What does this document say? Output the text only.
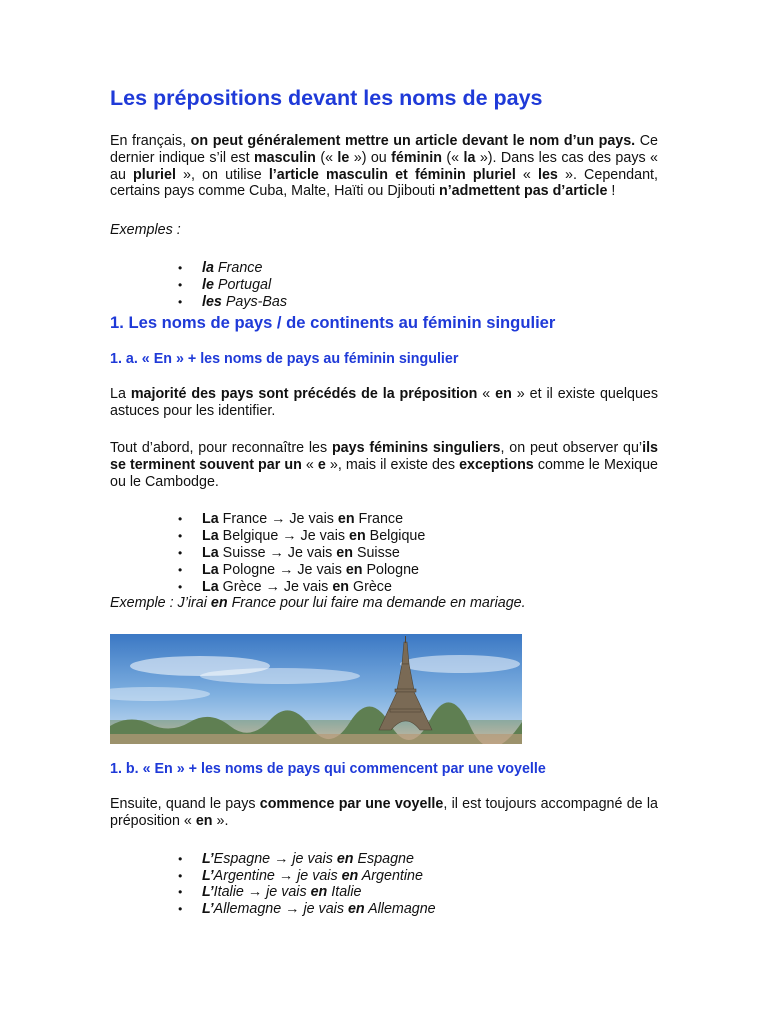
Les prépositions devant les noms de pays

En français, on peut généralement mettre un article devant le nom d’un pays. Ce dernier indique s’il est masculin (« le ») ou féminin (« la »). Dans les cas des pays « au pluriel », on utilise l’article masculin et féminin pluriel « les ». Cependant, certains pays comme Cuba, Malte, Haïti ou Djibouti n’admettent pas d’article !

Exemples :

• la France
• le Portugal
• les Pays-Bas
1. Les noms de pays / de continents au féminin singulier
1. a. « En » + les noms de pays au féminin singulier

La majorité des pays sont précédés de la préposition « en » et il existe quelques astuces pour les identifier.

Tout d’abord, pour reconnaître les pays féminins singuliers, on peut observer qu’ils se terminent souvent par un « e », mais il existe des exceptions comme le Mexique ou le Cambodge.

• La France → Je vais en France
• La Belgique → Je vais en Belgique
• La Suisse → Je vais en Suisse
• La Pologne → Je vais en Pologne
• La Grèce → Je vais en Grèce

Exemple : J’irai en France pour lui faire ma demande en mariage.

1. b. « En » + les noms de pays qui commencent par une voyelle

Ensuite, quand le pays commence par une voyelle, il est toujours accompagné de la préposition « en ».

• L’Espagne → je vais en Espagne
• L’Argentine → je vais en Argentine
• L’Italie → je vais en Italie
• L’Allemagne → je vais en Allemagne
